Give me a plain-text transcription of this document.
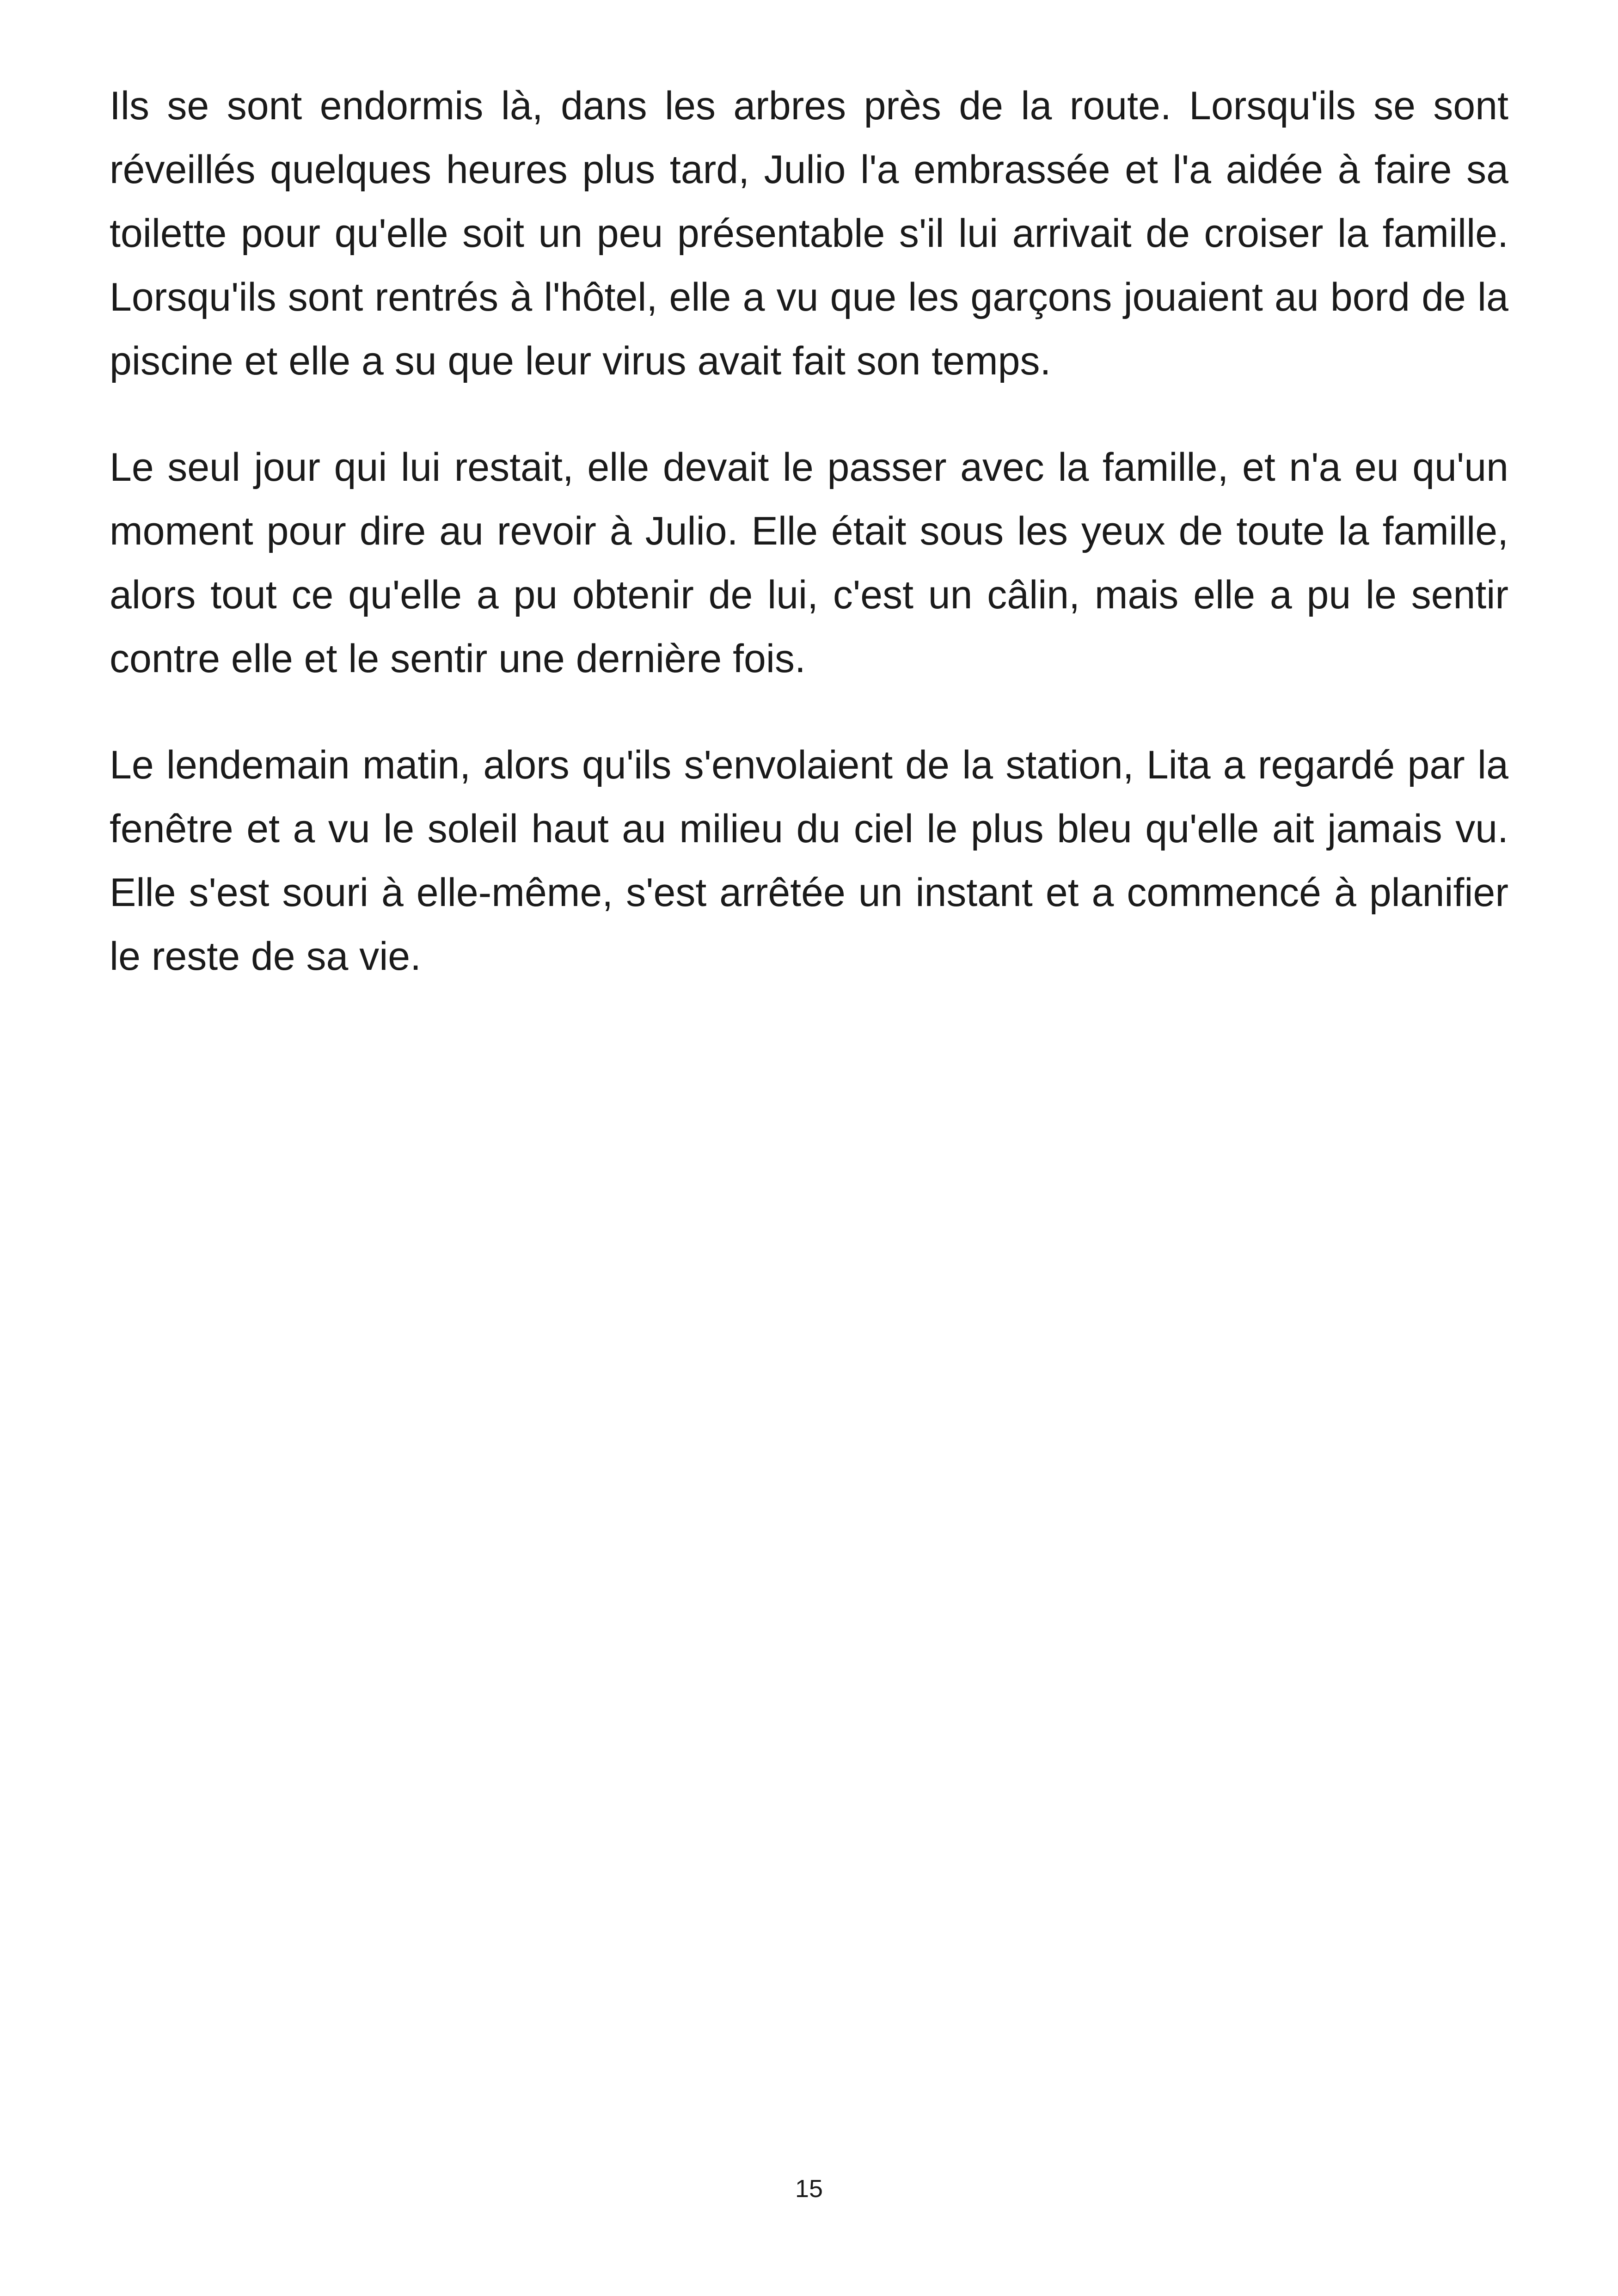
Ils se sont endormis là, dans les arbres près de la route. Lorsqu'ils se sont réveillés quelques heures plus tard, Julio l'a embrassée et l'a aidée à faire sa toilette pour qu'elle soit un peu présentable s'il lui arrivait de croiser la famille. Lorsqu'ils sont rentrés à l'hôtel, elle a vu que les garçons jouaient au bord de la piscine et elle a su que leur virus avait fait son temps.

Le seul jour qui lui restait, elle devait le passer avec la famille, et n'a eu qu'un moment pour dire au revoir à Julio. Elle était sous les yeux de toute la famille, alors tout ce qu'elle a pu obtenir de lui, c'est un câlin, mais elle a pu le sentir contre elle et le sentir une dernière fois.

Le lendemain matin, alors qu'ils s'envolaient de la station, Lita a regardé par la fenêtre et a vu le soleil haut au milieu du ciel le plus bleu qu'elle ait jamais vu. Elle s'est souri à elle-même, s'est arrêtée un instant et a commencé à planifier le reste de sa vie.

15
